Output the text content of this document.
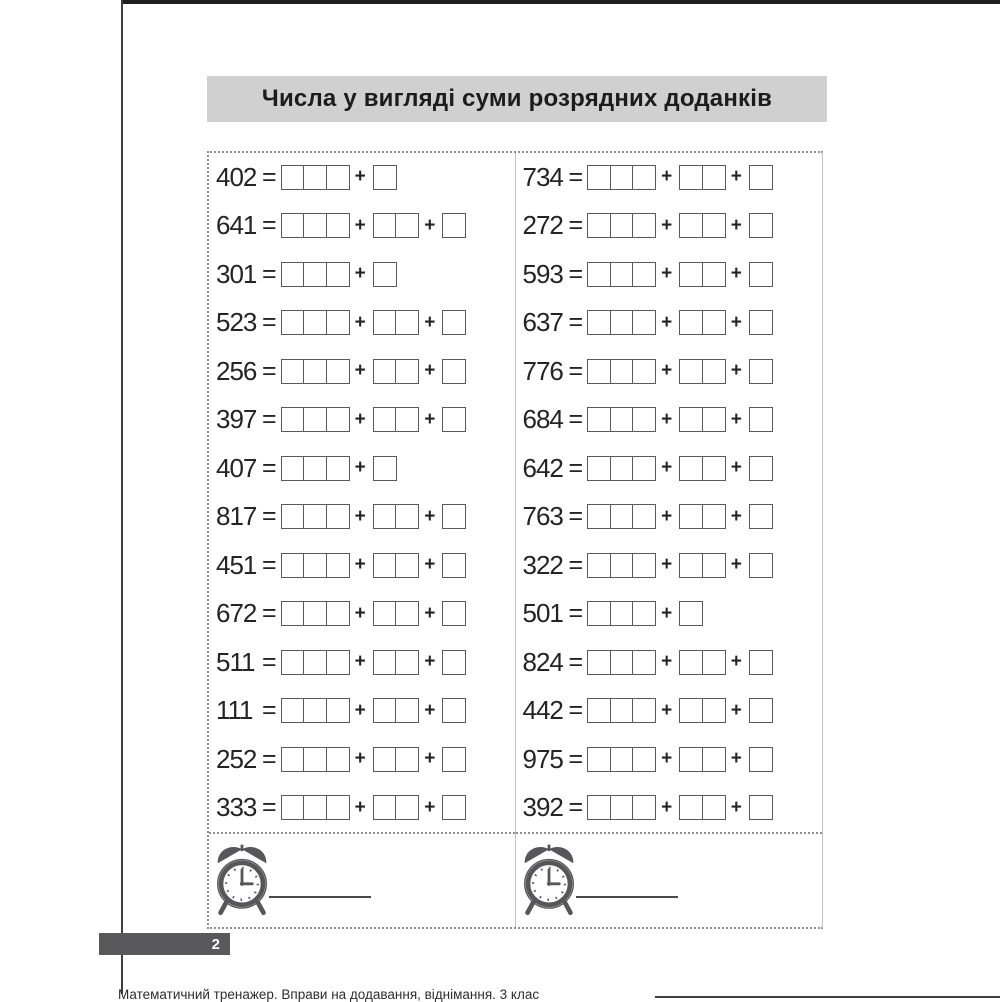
Числа у вигляді суми розрядних доданків
402 =	+
641 =	+	+
301 =	+
523 =	+	+
256 =	+	+
397 =	+	+
407 =	+
817 =	+	+
451 =	+	+
672 =	+	+
511 =	+	+
111 =	+	+
252 =	+	+
333 =	+	+
734 =	+	+
272 =	+	+
593 =	+	+
637 =	+	+
776 =	+	+
684 =	+	+
642 =	+	+
763 =	+	+
322 =	+	+
501 =	+
824 =	+	+
442 =	+	+
975 =	+	+
392 =	+	+
2
Математичний тренажер. Вправи на додавання, віднімання. 3 клас
